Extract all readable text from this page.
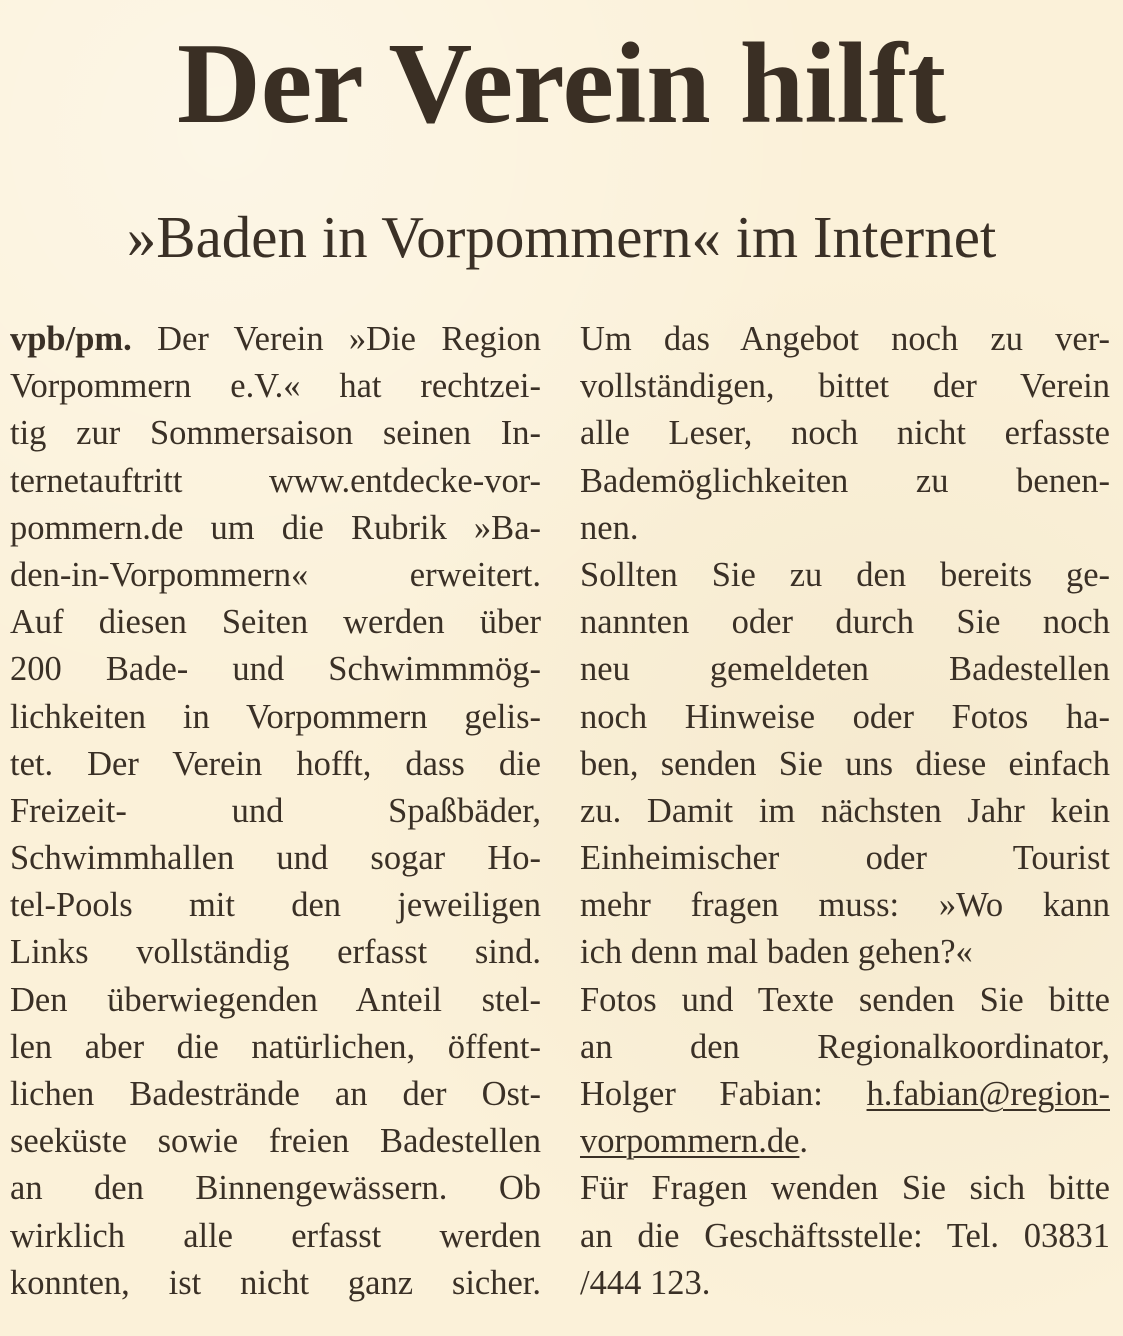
Der Verein hilft
»Baden in Vorpommern« im Internet
vpb/pm. Der Verein »Die Region
Vorpommern e.V.« hat rechtzei-
tig zur Sommersaison seinen In-
ternetauftritt www.entdecke-vor-
pommern.de um die Rubrik »Ba-
den-in-Vorpommern« erweitert.
Auf diesen Seiten werden über
200 Bade- und Schwimmmög-
lichkeiten in Vorpommern gelis-
tet. Der Verein hofft, dass die
Freizeit- und Spaßbäder,
Schwimmhallen und sogar Ho-
tel-Pools mit den jeweiligen
Links vollständig erfasst sind.
Den überwiegenden Anteil stel-
len aber die natürlichen, öffent-
lichen Badestrände an der Ost-
seeküste sowie freien Badestellen
an den Binnengewässern. Ob
wirklich alle erfasst werden
konnten, ist nicht ganz sicher.
Um das Angebot noch zu ver-
vollständigen, bittet der Verein
alle Leser, noch nicht erfasste
Bademöglichkeiten zu benen-
nen.
Sollten Sie zu den bereits ge-
nannten oder durch Sie noch
neu gemeldeten Badestellen
noch Hinweise oder Fotos ha-
ben, senden Sie uns diese einfach
zu. Damit im nächsten Jahr kein
Einheimischer oder Tourist
mehr fragen muss: »Wo kann
ich denn mal baden gehen?«
Fotos und Texte senden Sie bitte
an den Regionalkoordinator,
Holger Fabian: h.fabian@region-
vorpommern.de.
Für Fragen wenden Sie sich bitte
an die Geschäftsstelle: Tel. 03831
/444 123.
